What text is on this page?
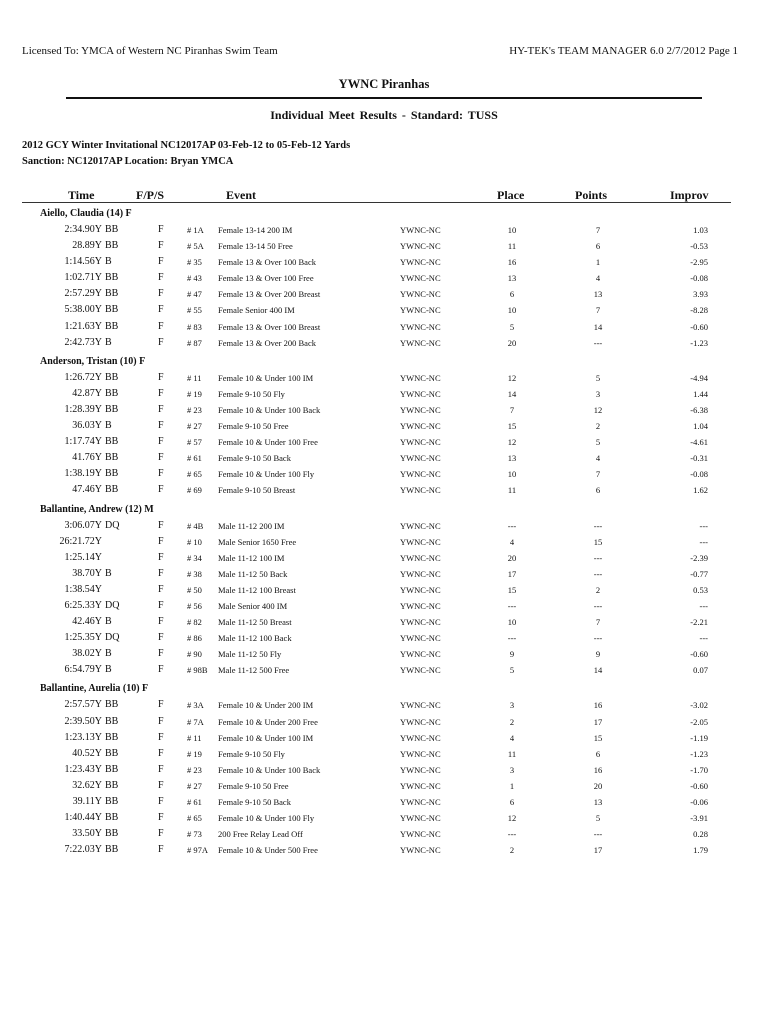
Licensed To: YMCA of Western NC Piranhas Swim Team	HY-TEK's TEAM MANAGER 6.0 2/7/2012 Page 1
YWNC Piranhas
Individual Meet Results - Standard: TUSS
2012 GCY Winter Invitational NC12017AP 03-Feb-12 to 05-Feb-12 Yards
Sanction: NC12017AP Location: Bryan YMCA
Time	F/P/S	Event	Place	Points	Improv
Aiello, Claudia (14) F
2:34.90Y BB	F	# 1A Female 13-14 200 IM	YWNC-NC	10	7	1.03
28.89Y BB	F	# 5A Female 13-14 50 Free	YWNC-NC	11	6	-0.53
1:14.56Y B	F	# 35 Female 13 & Over 100 Back	YWNC-NC	16	1	-2.95
1:02.71Y BB	F	# 43 Female 13 & Over 100 Free	YWNC-NC	13	4	-0.08
2:57.29Y BB	F	# 47 Female 13 & Over 200 Breast	YWNC-NC	6	13	3.93
5:38.00Y BB	F	# 55 Female Senior 400 IM	YWNC-NC	10	7	-8.28
1:21.63Y BB	F	# 83 Female 13 & Over 100 Breast	YWNC-NC	5	14	-0.60
2:42.73Y B	F	# 87 Female 13 & Over 200 Back	YWNC-NC	20	---	-1.23
Anderson, Tristan (10) F
1:26.72Y BB	F	# 11 Female 10 & Under 100 IM	YWNC-NC	12	5	-4.94
42.87Y BB	F	# 19 Female 9-10 50 Fly	YWNC-NC	14	3	1.44
1:28.39Y BB	F	# 23 Female 10 & Under 100 Back	YWNC-NC	7	12	-6.38
36.03Y B	F	# 27 Female 9-10 50 Free	YWNC-NC	15	2	1.04
1:17.74Y BB	F	# 57 Female 10 & Under 100 Free	YWNC-NC	12	5	-4.61
41.76Y BB	F	# 61 Female 9-10 50 Back	YWNC-NC	13	4	-0.31
1:38.19Y BB	F	# 65 Female 10 & Under 100 Fly	YWNC-NC	10	7	-0.08
47.46Y BB	F	# 69 Female 9-10 50 Breast	YWNC-NC	11	6	1.62
Ballantine, Andrew (12) M
3:06.07Y DQ	F	# 4B Male 11-12 200 IM	YWNC-NC	---	---	---
26:21.72Y	F	# 10 Male Senior 1650 Free	YWNC-NC	4	15	---
1:25.14Y	F	# 34 Male 11-12 100 IM	YWNC-NC	20	---	-2.39
38.70Y B	F	# 38 Male 11-12 50 Back	YWNC-NC	17	---	-0.77
1:38.54Y	F	# 50 Male 11-12 100 Breast	YWNC-NC	15	2	0.53
6:25.33Y DQ	F	# 56 Male Senior 400 IM	YWNC-NC	---	---	---
42.46Y B	F	# 82 Male 11-12 50 Breast	YWNC-NC	10	7	-2.21
1:25.35Y DQ	F	# 86 Male 11-12 100 Back	YWNC-NC	---	---	---
38.02Y B	F	# 90 Male 11-12 50 Fly	YWNC-NC	9	9	-0.60
6:54.79Y B	F	# 98B Male 11-12 500 Free	YWNC-NC	5	14	0.07
Ballantine, Aurelia (10) F
2:57.57Y BB	F	# 3A Female 10 & Under 200 IM	YWNC-NC	3	16	-3.02
2:39.50Y BB	F	# 7A Female 10 & Under 200 Free	YWNC-NC	2	17	-2.05
1:23.13Y BB	F	# 11 Female 10 & Under 100 IM	YWNC-NC	4	15	-1.19
40.52Y BB	F	# 19 Female 9-10 50 Fly	YWNC-NC	11	6	-1.23
1:23.43Y BB	F	# 23 Female 10 & Under 100 Back	YWNC-NC	3	16	-1.70
32.62Y BB	F	# 27 Female 9-10 50 Free	YWNC-NC	1	20	-0.60
39.11Y BB	F	# 61 Female 9-10 50 Back	YWNC-NC	6	13	-0.06
1:40.44Y BB	F	# 65 Female 10 & Under 100 Fly	YWNC-NC	12	5	-3.91
33.50Y BB	F	# 73 200 Free Relay Lead Off	YWNC-NC	---	---	0.28
7:22.03Y BB	F	# 97A Female 10 & Under 500 Free	YWNC-NC	2	17	1.79
